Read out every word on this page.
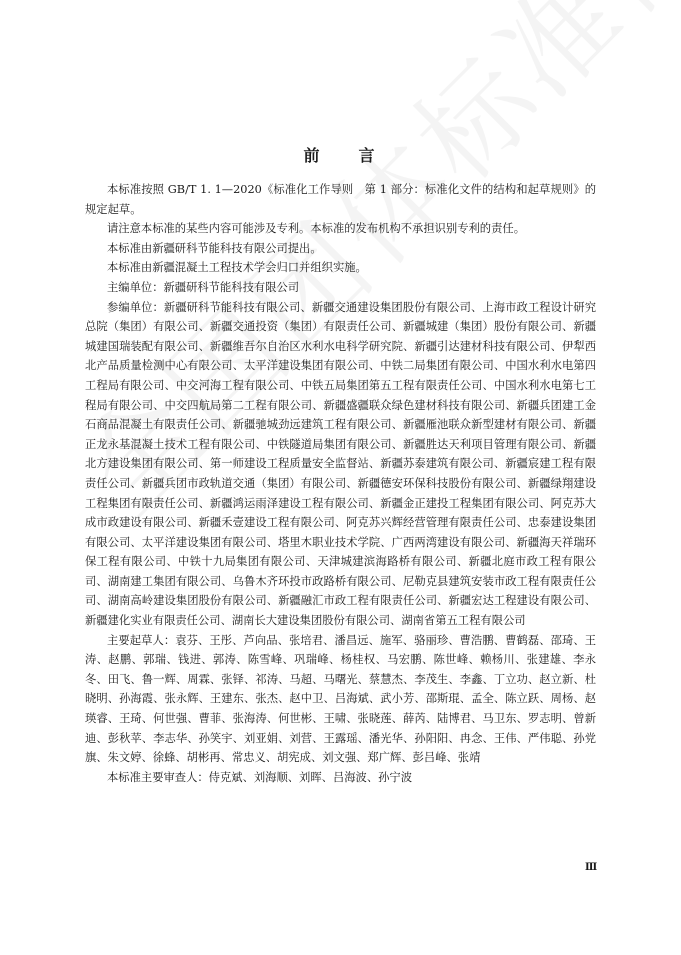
前 言

本标准按照 GB/T 1. 1—2020《标准化工作导则　第 1 部分：标准化文件的结构和起草规则》的规定起草。

请注意本标准的某些内容可能涉及专利。本标准的发布机构不承担识别专利的责任。

本标准由新疆研科节能科技有限公司提出。

本标准由新疆混凝土工程技术学会归口并组织实施。

主编单位：新疆研科节能科技有限公司

参编单位：新疆研科节能科技有限公司、新疆交通建设集团股份有限公司、上海市政工程设计研究总院（集团）有限公司、新疆交通投资（集团）有限责任公司、新疆城建（集团）股份有限公司、新疆城建国瑞装配有限公司、新疆维吾尔自治区水利水电科学研究院、新疆引达建材科技有限公司、伊犁西北产品质量检测中心有限公司、太平洋建设集团有限公司、中铁二局集团有限公司、中国水利水电第四工程局有限公司、中交河海工程有限公司、中铁五局集团第五工程有限责任公司、中国水利水电第七工程局有限公司、中交四航局第二工程有限公司、新疆盛疆联众绿色建材科技有限公司、新疆兵团建工金石商品混凝土有限责任公司、新疆驰城劲远建筑工程有限公司、新疆雁池联众新型建材有限公司、新疆正龙永基混凝土技术工程有限公司、中铁隧道局集团有限公司、新疆胜达天利项目管理有限公司、新疆北方建设集团有限公司、第一师建设工程质量安全监督站、新疆苏泰建筑有限公司、新疆宸建工程有限责任公司、新疆兵团市政轨道交通（集团）有限公司、新疆德安环保科技股份有限公司、新疆绿翔建设工程集团有限责任公司、新疆鸿运雨泽建设工程有限公司、新疆金正建投工程集团有限公司、阿克苏大成市政建设有限公司、新疆禾壹建设工程有限公司、阿克苏兴辉经营管理有限责任公司、忠泰建设集团有限公司、太平洋建设集团有限公司、塔里木职业技术学院、广西两湾建设有限公司、新疆海天祥瑞环保工程有限公司、中铁十九局集团有限公司、天津城建滨海路桥有限公司、新疆北庭市政工程有限公司、湖南建工集团有限公司、乌鲁木齐环投市政路桥有限公司、尼勒克县建筑安装市政工程有限责任公司、湖南高岭建设集团股份有限公司、新疆融汇市政工程有限责任公司、新疆宏达工程建设有限公司、新疆建化实业有限责任公司、湖南长大建设集团股份有限公司、湖南省第五工程有限公司

主要起草人：袁芬、王彤、芦向品、张培君、潘昌远、施军、骆丽珍、曹浩鹏、曹鹤磊、邵琦、王涛、赵鹏、郭瑞、钱进、郭涛、陈雪峰、巩瑞峰、杨桂权、马宏鹏、陈世峰、赖杨川、张建雄、李永冬、田飞、鲁一辉、周霖、张铎、祁涛、马超、马曙光、蔡慧杰、李茂生、李鑫、丁立功、赵立新、杜晓明、孙海霞、张永辉、王建东、张杰、赵中卫、吕海斌、武小芳、邵斯琨、孟全、陈立跃、周杨、赵瑛睿、王琦、何世强、曹菲、张海涛、何世彬、王啸、张晓莲、薛芮、陆博君、马卫东、罗志明、曾新迪、彭秋苹、李志华、孙笑宇、刘亚娟、刘营、王露瑶、潘光华、孙阳阳、冉念、王伟、严伟聪、孙党旗、朱文婷、徐蜂、胡彬再、常忠义、胡宪成、刘文强、郑广辉、彭吕峰、张靖

本标准主要审查人：侍克斌、刘海顺、刘晖、吕海波、孙宁波

Ⅲ
